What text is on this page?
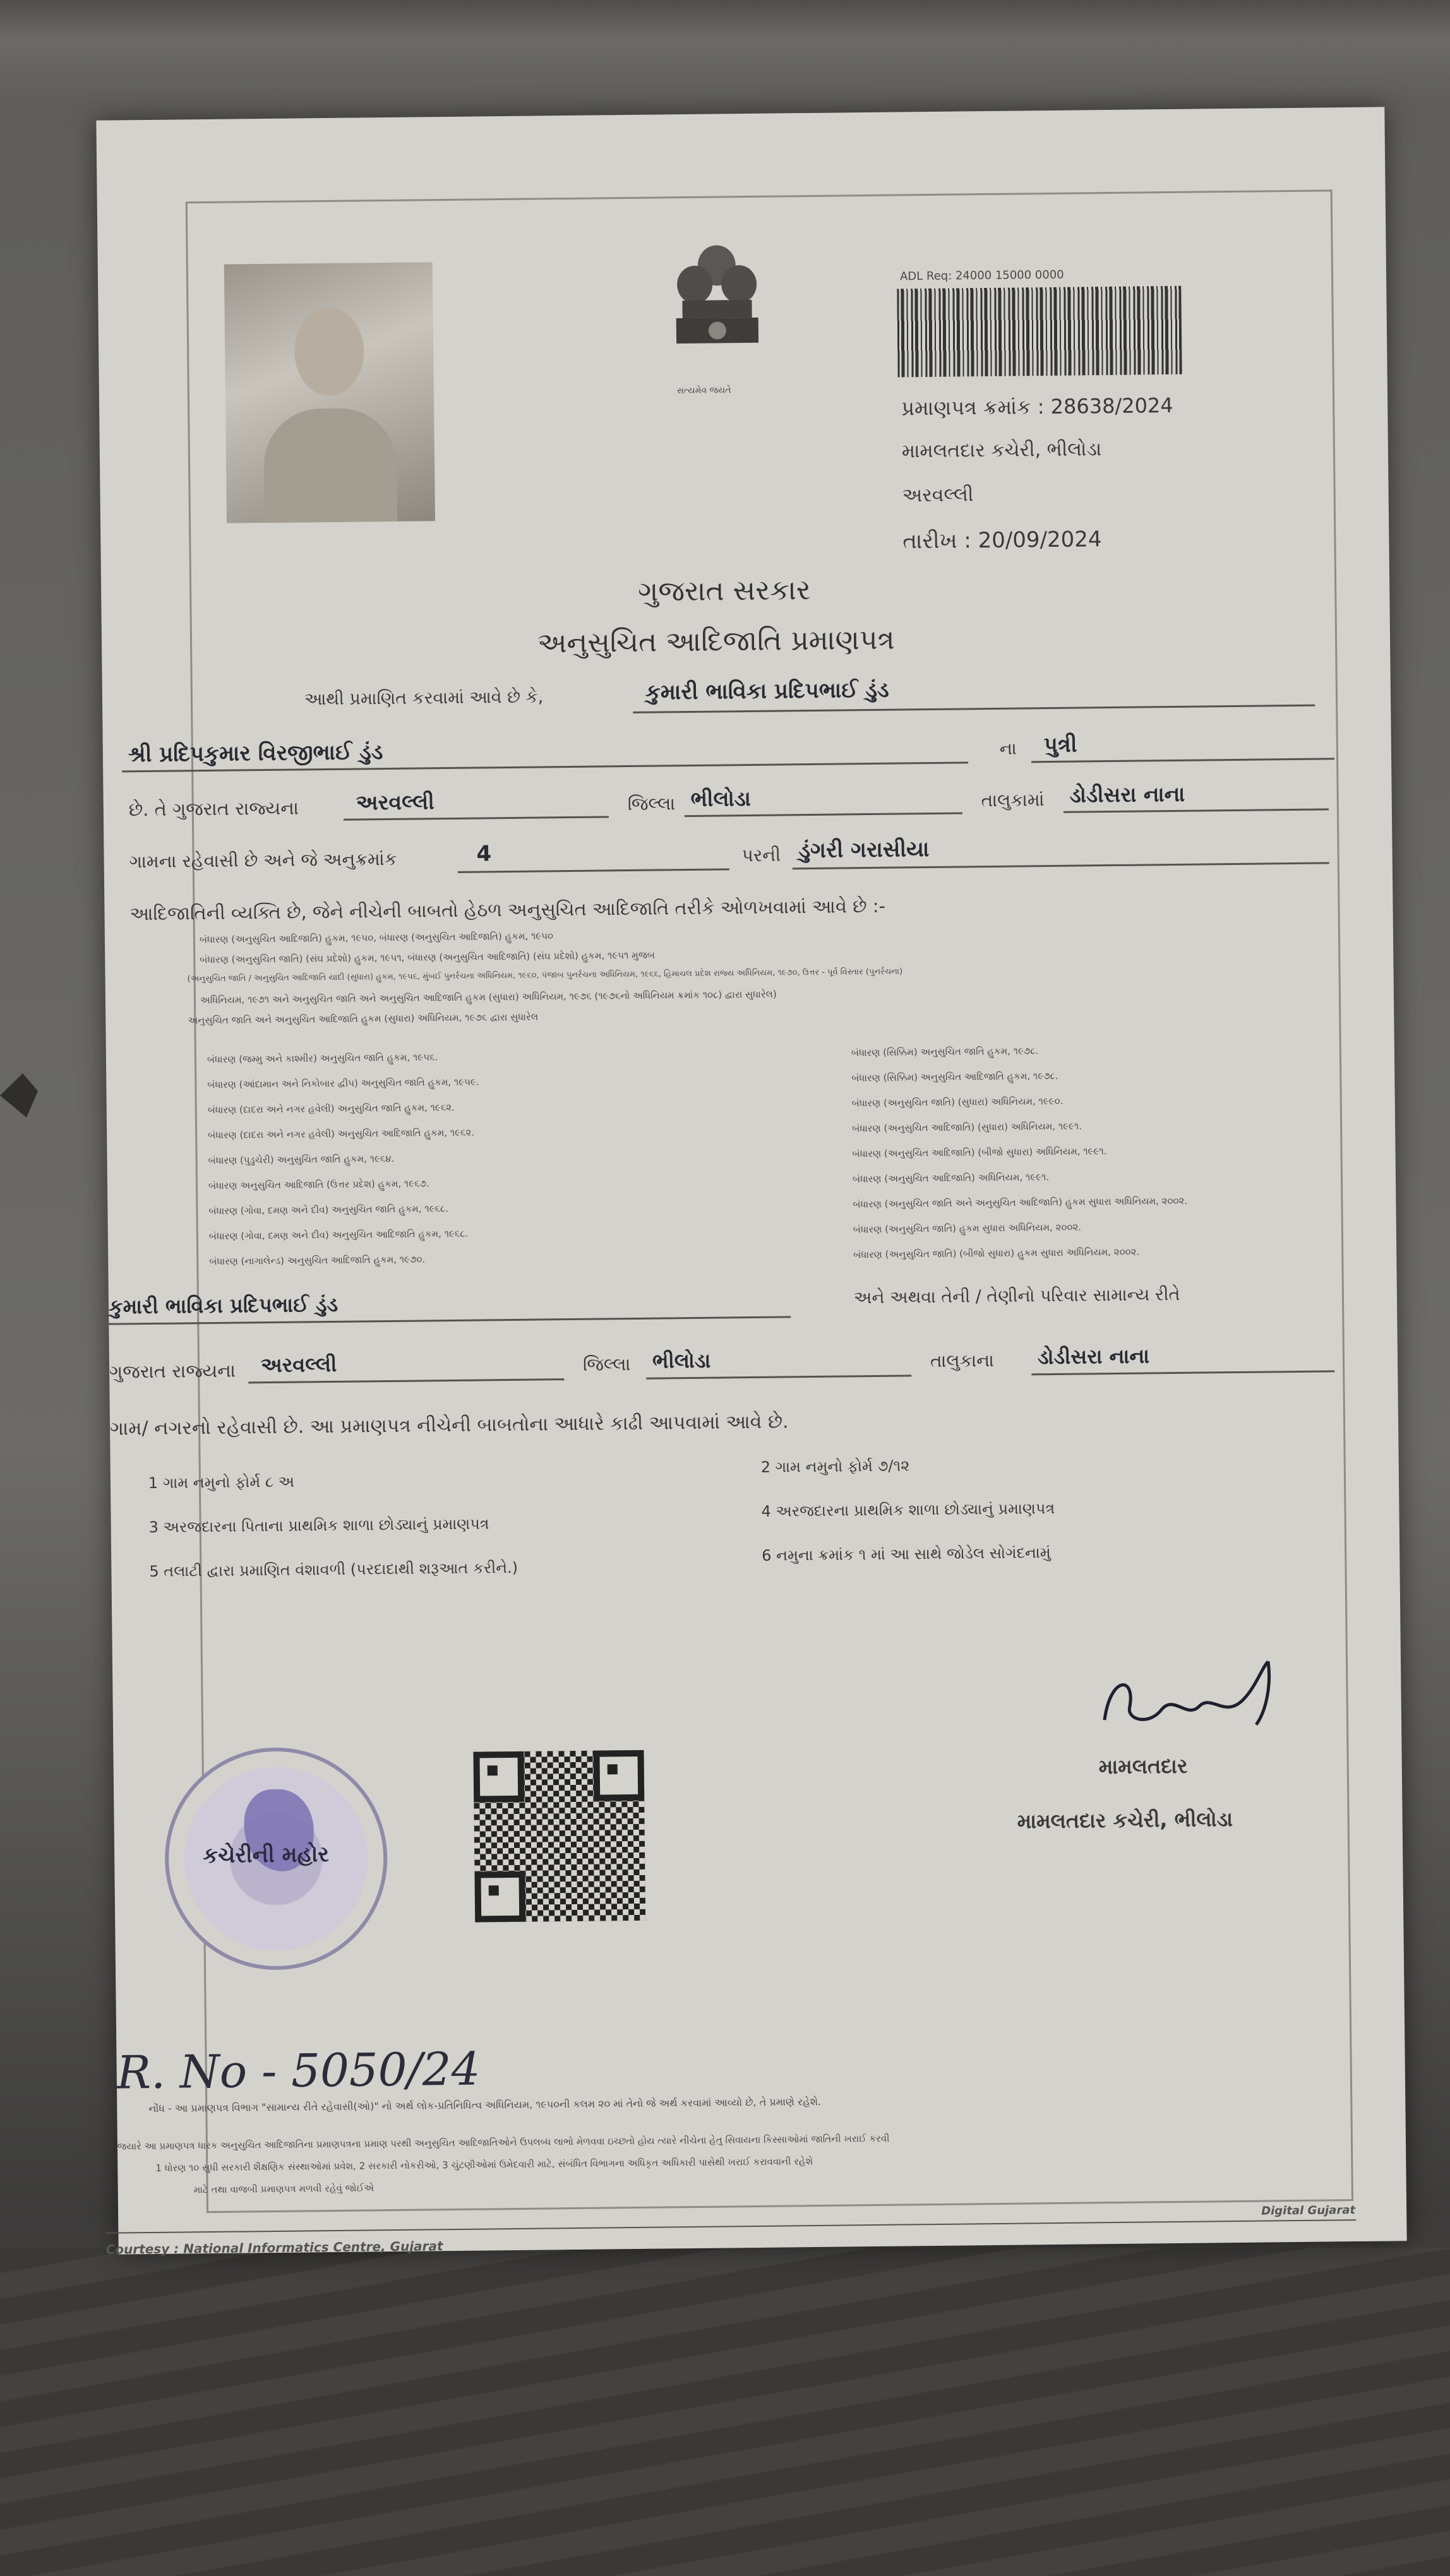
સત્યમેવ જયતે
ADL Req: 24000 15000 0000
પ્રમાણપત્ર ક્રમાંક : 28638/2024
મામલતદાર કચેરી, ભીલોડા
અરવલ્લી
તારીખ : 20/09/2024
ગુજરાત સરકાર
અનુસુચિત આદિજાતિ પ્રમાણપત્ર
આથી પ્રમાણિત કરવામાં આવે છે કે,	કુમારી ભાવિકા પ્રદિપભાઈ ડુંડ
શ્રી પ્રદિપકુમાર વિરજીભાઈ ડુંડ	ના પુત્રી
છે. તે ગુજરાત રાજ્યના	અરવલ્લી	જિલ્લા ભીલોડા	તાલુકામાં ડોડીસરા નાના
ગામના રહેવાસી છે અને જે અનુક્રમાંક	4	પરની ડુંગરી ગરાસીયા
આદિજાતિની વ્યક્તિ છે, જેને નીચેની બાબતો હેઠળ અનુસુચિત આદિજાતિ તરીકે ઓળખવામાં આવે છે :-
બંધારણ (અનુસુચિત આદિજાતિ) હુકમ, ૧૯૫૦, બંધારણ (અનુસુચિત આદિજાતિ) હુકમ, ૧૯૫૦
બંધારણ (અનુસુચિત જાતિ) (સંઘ પ્રદેશો) હુકમ, ૧૯૫૧, બંધારણ (અનુસુચિત આદિજાતિ) (સંઘ પ્રદેશો) હુકમ, ૧૯૫૧ મુજબ
(અનુસુચિત જાતિ / અનુસુચિત આદિજાતિ યાદી (સુધારા) હુકમ, ૧૯૫૬, મુંબઈ પુનર્રચના અધિનિયમ, ૧૯૬૦, પંજાબ પુનર્રચના અધિનિયમ, ૧૯૬૬, હિમાચલ પ્રદેશ રાજ્ય અધિનિયમ, ૧૯૭૦, ઉત્તર - પૂર્વ વિસ્તાર (પુનર્રચના)
અધિનિયમ, ૧૯૭૧ અને અનુસુચિત જાતિ અને અનુસુચિત આદિજાતિ હુકમ (સુધારા) અધિનિયમ, ૧૯૭૬ (૧૯૭૬નો અધિનિયમ ક્રમાંક ૧૦૮) દ્વારા સુધારેલ)
અનુસુચિત જાતિ અને અનુસુચિત આદિજાતિ હુકમ (સુધારા) અધિનિયમ, ૧૯૭૬ દ્વારા સુધારેલ
બંધારણ (જમ્મુ અને કાશ્મીર) અનુસુચિત જાતિ હુકમ, ૧૯૫૬.
બંધારણ (આંદામાન અને નિકોબાર દ્વીપ) અનુસુચિત જાતિ હુકમ, ૧૯૫૯.
બંધારણ (દાદરા અને નગર હવેલી) અનુસુચિત જાતિ હુકમ, ૧૯૬૨.
બંધારણ (દાદરા અને નગર હવેલી) અનુસુચિત આદિજાતિ હુકમ, ૧૯૬૨.
બંધારણ (પુડુચેરી) અનુસુચિત જાતિ હુકમ, ૧૯૬૪.
બંધારણ અનુસુચિત આદિજાતિ (ઉત્તર પ્રદેશ) હુકમ, ૧૯૬૭.
બંધારણ (ગોવા, દમણ અને દીવ) અનુસુચિત જાતિ હુકમ, ૧૯૬૮.
બંધારણ (ગોવા, દમણ અને દીવ) અનુસુચિત આદિજાતિ હુકમ, ૧૯૬૮.
બંધારણ (નાગાલેન્ડ) અનુસુચિત આદિજાતિ હુકમ, ૧૯૭૦.
બંધારણ (સિક્કિમ) અનુસુચિત જાતિ હુકમ, ૧૯૭૮.
બંધારણ (સિક્કિમ) અનુસુચિત આદિજાતિ હુકમ, ૧૯૭૮.
બંધારણ (અનુસુચિત જાતિ) (સુધારા) અધિનિયમ, ૧૯૯૦.
બંધારણ (અનુસુચિત આદિજાતિ) (સુધારા) અધિનિયમ, ૧૯૯૧.
બંધારણ (અનુસુચિત આદિજાતિ) (બીજો સુધારા) અધિનિયમ, ૧૯૯૧.
બંધારણ (અનુસુચિત આદિજાતિ) અધિનિયમ, ૧૯૯૧.
બંધારણ (અનુસુચિત જાતિ અને અનુસુચિત આદિજાતિ) હુકમ સુધારા અધિનિયમ, ૨૦૦૨.
બંધારણ (અનુસુચિત જાતિ) હુકમ સુધારા અધિનિયમ, ૨૦૦૨.
બંધારણ (અનુસુચિત જાતિ) (બીજો સુધારા) હુકમ સુધારા અધિનિયમ, ૨૦૦૨.
કુમારી ભાવિકા પ્રદિપભાઈ ડુંડ	અને અથવા તેની / તેણીનો પરિવાર સામાન્ય રીતે
ગુજરાત રાજ્યના અરવલ્લી	જિલ્લા ભીલોડા	તાલુકાના ડોડીસરા નાના
ગામ/ નગરનો રહેવાસી છે. આ પ્રમાણપત્ર નીચેની બાબતોના આધારે કાઢી આપવામાં આવે છે.
1 ગામ નમુનો ફોર્મ ૮ અ
2 ગામ નમુનો ફોર્મ ૭/૧૨
3 અરજદારના પિતાના પ્રાથમિક શાળા છોડ્યાનું પ્રમાણપત્ર
4 અરજદારના પ્રાથમિક શાળા છોડ્યાનું પ્રમાણપત્ર
5 તલાટી દ્વારા પ્રમાણિત વંશાવળી (પરદાદાથી શરૂઆત કરીને.)
6 નમુના ક્રમાંક ૧ માં આ સાથે જોડેલ સોગંદનામું
કચેરીની મહોર
મામલતદાર
મામલતદાર કચેરી, ભીલોડા
R. No - 5050/24
નોંધ - આ પ્રમાણપત્ર વિભાગ "સામાન્ય રીતે રહેવાસી(ઓ)" નો અર્થ લોક-પ્રતિનિધિત્વ અધિનિયમ, ૧૯૫૦ની કલમ ૨૦ માં તેનો જે અર્થ કરવામાં આવ્યો છે, તે પ્રમાણે રહેશે.
જયારે આ પ્રમાણપત્ર ધારક અનુસુચિત આદિજાતિના પ્રમાણપત્રના પ્રમાણ પરથી અનુસુચિત આદિજાતિઓને ઉપલબ્ધ લાભો મેળવવા ઇચ્છતો હોય ત્યારે નીચેના હેતુ સિવાયના કિસ્સાઓમાં જાતિની ખરાઈ કરવી
1 ધોરણ ૧૦ સુધી સરકારી શૈક્ષણિક સંસ્થાઓમાં પ્રવેશ, 2 સરકારી નોકરીઓ, 3 ચુંટણીઓમાં ઉમેદવારી માટે, સંબંધિત વિભાગના અધિકૃત અધિકારી પાસેથી ખરાઈ કરાવવાની રહેશે
માટે તથા વાજબી પ્રમાણપત્ર મળવી રહેવું જોઈએ
Digital Gujarat
Courtesy : National Informatics Centre, Gujarat
